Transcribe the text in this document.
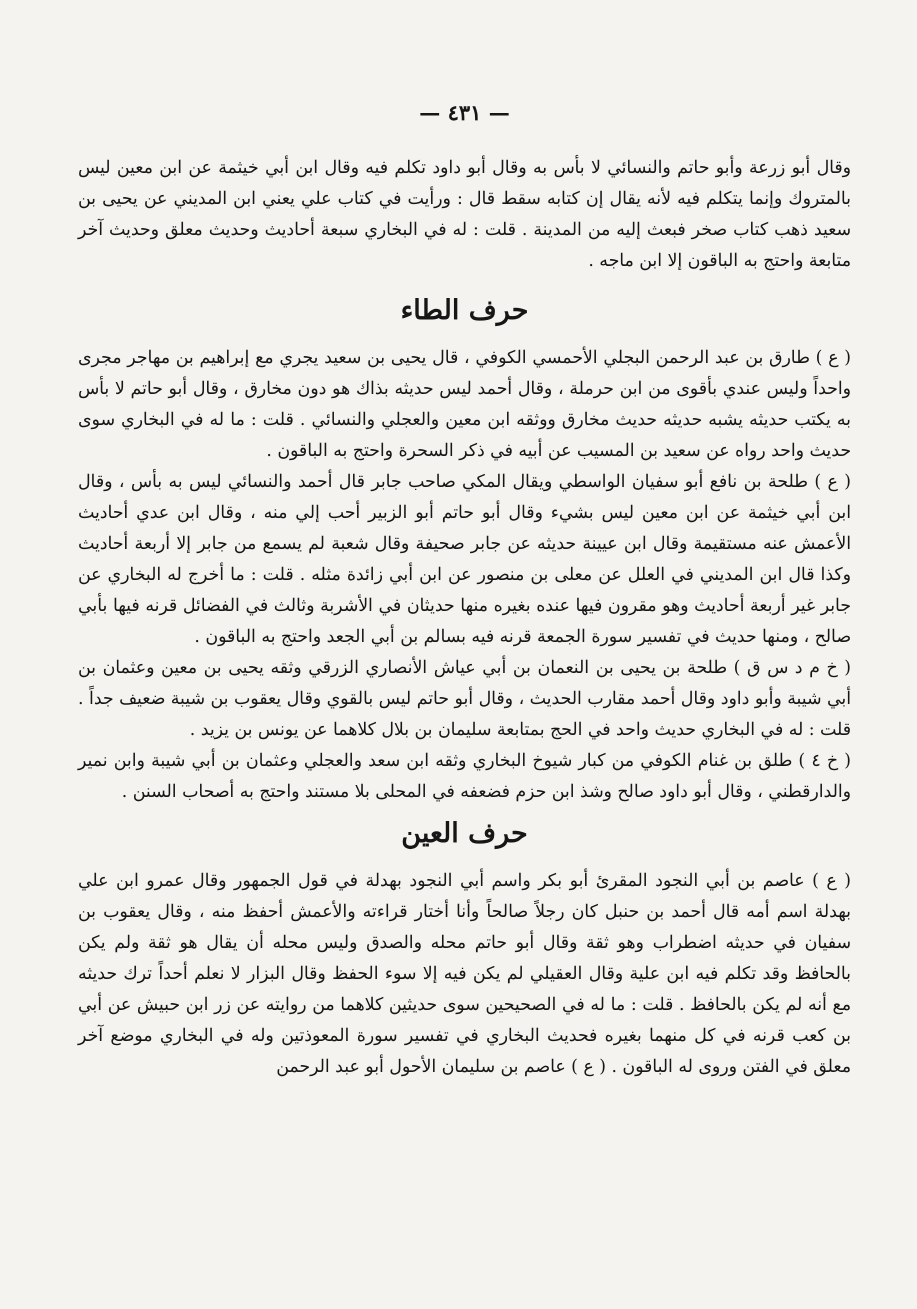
— ٤٣١ —

وقال أبو زرعة وأبو حاتم والنسائي لا بأس به وقال أبو داود تكلم فيه وقال ابن أبي خيثمة عن ابن معين ليس بالمتروك وإنما يتكلم فيه لأنه يقال إن كتابه سقط قال : ورأيت في كتاب علي يعني ابن المديني عن يحيى بن سعيد ذهب كتاب صخر فبعث إليه من المدينة . قلت : له في البخاري سبعة أحاديث وحديث معلق وحديث آخر متابعة واحتج به الباقون إلا ابن ماجه .

حرف الطاء

( ع ) طارق بن عبد الرحمن البجلي الأحمسي الكوفي ، قال يحيى بن سعيد يجري مع إبراهيم بن مهاجر مجرى واحداً وليس عندي بأقوى من ابن حرملة ، وقال أحمد ليس حديثه بذاك هو دون مخارق ، وقال أبو حاتم لا بأس به يكتب حديثه يشبه حديثه حديث مخارق ووثقه ابن معين والعجلي والنسائي . قلت : ما له في البخاري سوى حديث واحد رواه عن سعيد بن المسيب عن أبيه في ذكر السحرة واحتج به الباقون .

( ع ) طلحة بن نافع أبو سفيان الواسطي ويقال المكي صاحب جابر قال أحمد والنسائي ليس به بأس ، وقال ابن أبي خيثمة عن ابن معين ليس بشيء وقال أبو حاتم أبو الزبير أحب إلي منه ، وقال ابن عدي أحاديث الأعمش عنه مستقيمة وقال ابن عيينة حديثه عن جابر صحيفة وقال شعبة لم يسمع من جابر إلا أربعة أحاديث وكذا قال ابن المديني في العلل عن معلى بن منصور عن ابن أبي زائدة مثله . قلت : ما أخرج له البخاري عن جابر غير أربعة أحاديث وهو مقرون فيها عنده بغيره منها حديثان في الأشربة وثالث في الفضائل قرنه فيها بأبي صالح ، ومنها حديث في تفسير سورة الجمعة قرنه فيه بسالم بن أبي الجعد واحتج به الباقون .

( خ م د س ق ) طلحة بن يحيى بن النعمان بن أبي عياش الأنصاري الزرقي وثقه يحيى بن معين وعثمان بن أبي شيبة وأبو داود وقال أحمد مقارب الحديث ، وقال أبو حاتم ليس بالقوي وقال يعقوب بن شيبة ضعيف جداً . قلت : له في البخاري حديث واحد في الحج بمتابعة سليمان بن بلال كلاهما عن يونس بن يزيد .

( خ ٤ ) طلق بن غنام الكوفي من كبار شيوخ البخاري وثقه ابن سعد والعجلي وعثمان بن أبي شيبة وابن نمير والدارقطني ، وقال أبو داود صالح وشذ ابن حزم فضعفه في المحلى بلا مستند واحتج به أصحاب السنن .

حرف العين

( ع ) عاصم بن أبي النجود المقرئ أبو بكر واسم أبي النجود بهدلة في قول الجمهور وقال عمرو ابن علي بهدلة اسم أمه قال أحمد بن حنبل كان رجلاً صالحاً وأنا أختار قراءته والأعمش أحفظ منه ، وقال يعقوب بن سفيان في حديثه اضطراب وهو ثقة وقال أبو حاتم محله والصدق وليس محله أن يقال هو ثقة ولم يكن بالحافظ وقد تكلم فيه ابن علية وقال العقيلي لم يكن فيه إلا سوء الحفظ وقال البزار لا نعلم أحداً ترك حديثه مع أنه لم يكن بالحافظ . قلت : ما له في الصحيحين سوى حديثين كلاهما من روايته عن زر ابن حبيش عن أبي بن كعب قرنه في كل منهما بغيره فحديث البخاري في تفسير سورة المعوذتين وله في البخاري موضع آخر معلق في الفتن وروى له الباقون . ( ع ) عاصم بن سليمان الأحول أبو عبد الرحمن
